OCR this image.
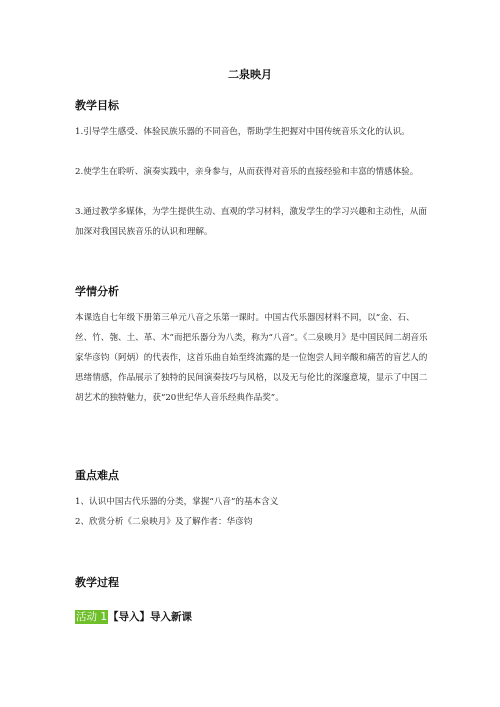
二泉映月
教学目标

1.引导学生感受、体验民族乐器的不同音色，帮助学生把握对中国传统音乐文化的认识。

2.使学生在聆听、演奏实践中，亲身参与，从而获得对音乐的直接经验和丰富的情感体验。

3.通过教学多媒体，为学生提供生动、直观的学习材料，激发学生的学习兴趣和主动性，从面加深对我国民族音乐的认识和理解。

学情分析

本课选自七年级下册第三单元八音之乐第一课时。中国古代乐器因材料不同，以“金、石、丝、竹、匏、土、革、木”而把乐器分为八类，称为“八音”。《二泉映月》是中国民间二胡音乐家华彦钧（阿炳）的代表作，这首乐曲自始至终流露的是一位饱尝人间辛酸和痛苦的盲艺人的思绪情感，作品展示了独特的民间演奏技巧与风格，以及无与伦比的深邃意境，显示了中国二胡艺术的独特魅力，获“20世纪华人音乐经典作品奖”。

重点难点

1、认识中国古代乐器的分类，掌握“八音”的基本含义

2、欣赏分析《二泉映月》及了解作者：华彦钧

教学过程
活动 1【导入】导入新课
